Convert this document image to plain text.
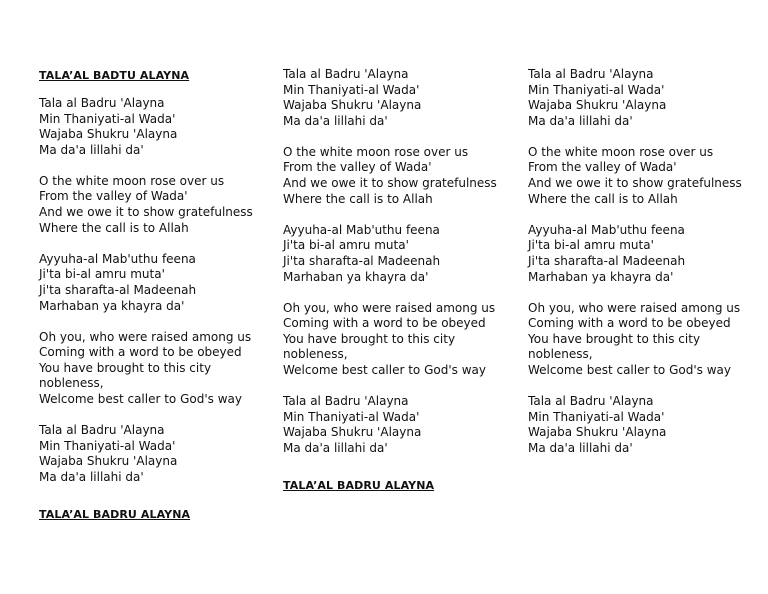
TALA’AL BADTU ALAYNA
Tala al Badru 'Alayna
Min Thaniyati-al Wada'
Wajaba Shukru 'Alayna
Ma da'a lillahi da'
O the white moon rose over us
From the valley of Wada'
And we owe it to show gratefulness
Where the call is to Allah
Ayyuha-al Mab'uthu feena
Ji'ta bi-al amru muta'
Ji'ta sharafta-al Madeenah
Marhaban ya khayra da'
Oh you, who were raised among us
Coming with a word to be obeyed
You have brought to this city
nobleness,
Welcome best caller to God's way
Tala al Badru 'Alayna
Min Thaniyati-al Wada'
Wajaba Shukru 'Alayna
Ma da'a lillahi da'
TALA’AL BADRU ALAYNA
Tala al Badru 'Alayna
Min Thaniyati-al Wada'
Wajaba Shukru 'Alayna
Ma da'a lillahi da'
O the white moon rose over us
From the valley of Wada'
And we owe it to show gratefulness
Where the call is to Allah
Ayyuha-al Mab'uthu feena
Ji'ta bi-al amru muta'
Ji'ta sharafta-al Madeenah
Marhaban ya khayra da'
Oh you, who were raised among us
Coming with a word to be obeyed
You have brought to this city
nobleness,
Welcome best caller to God's way
Tala al Badru 'Alayna
Min Thaniyati-al Wada'
Wajaba Shukru 'Alayna
Ma da'a lillahi da'
TALA’AL BADRU ALAYNA
Tala al Badru 'Alayna
Min Thaniyati-al Wada'
Wajaba Shukru 'Alayna
Ma da'a lillahi da'
O the white moon rose over us
From the valley of Wada'
And we owe it to show gratefulness
Where the call is to Allah
Ayyuha-al Mab'uthu feena
Ji'ta bi-al amru muta'
Ji'ta sharafta-al Madeenah
Marhaban ya khayra da'
Oh you, who were raised among us
Coming with a word to be obeyed
You have brought to this city
nobleness,
Welcome best caller to God's way
Tala al Badru 'Alayna
Min Thaniyati-al Wada'
Wajaba Shukru 'Alayna
Ma da'a lillahi da'
